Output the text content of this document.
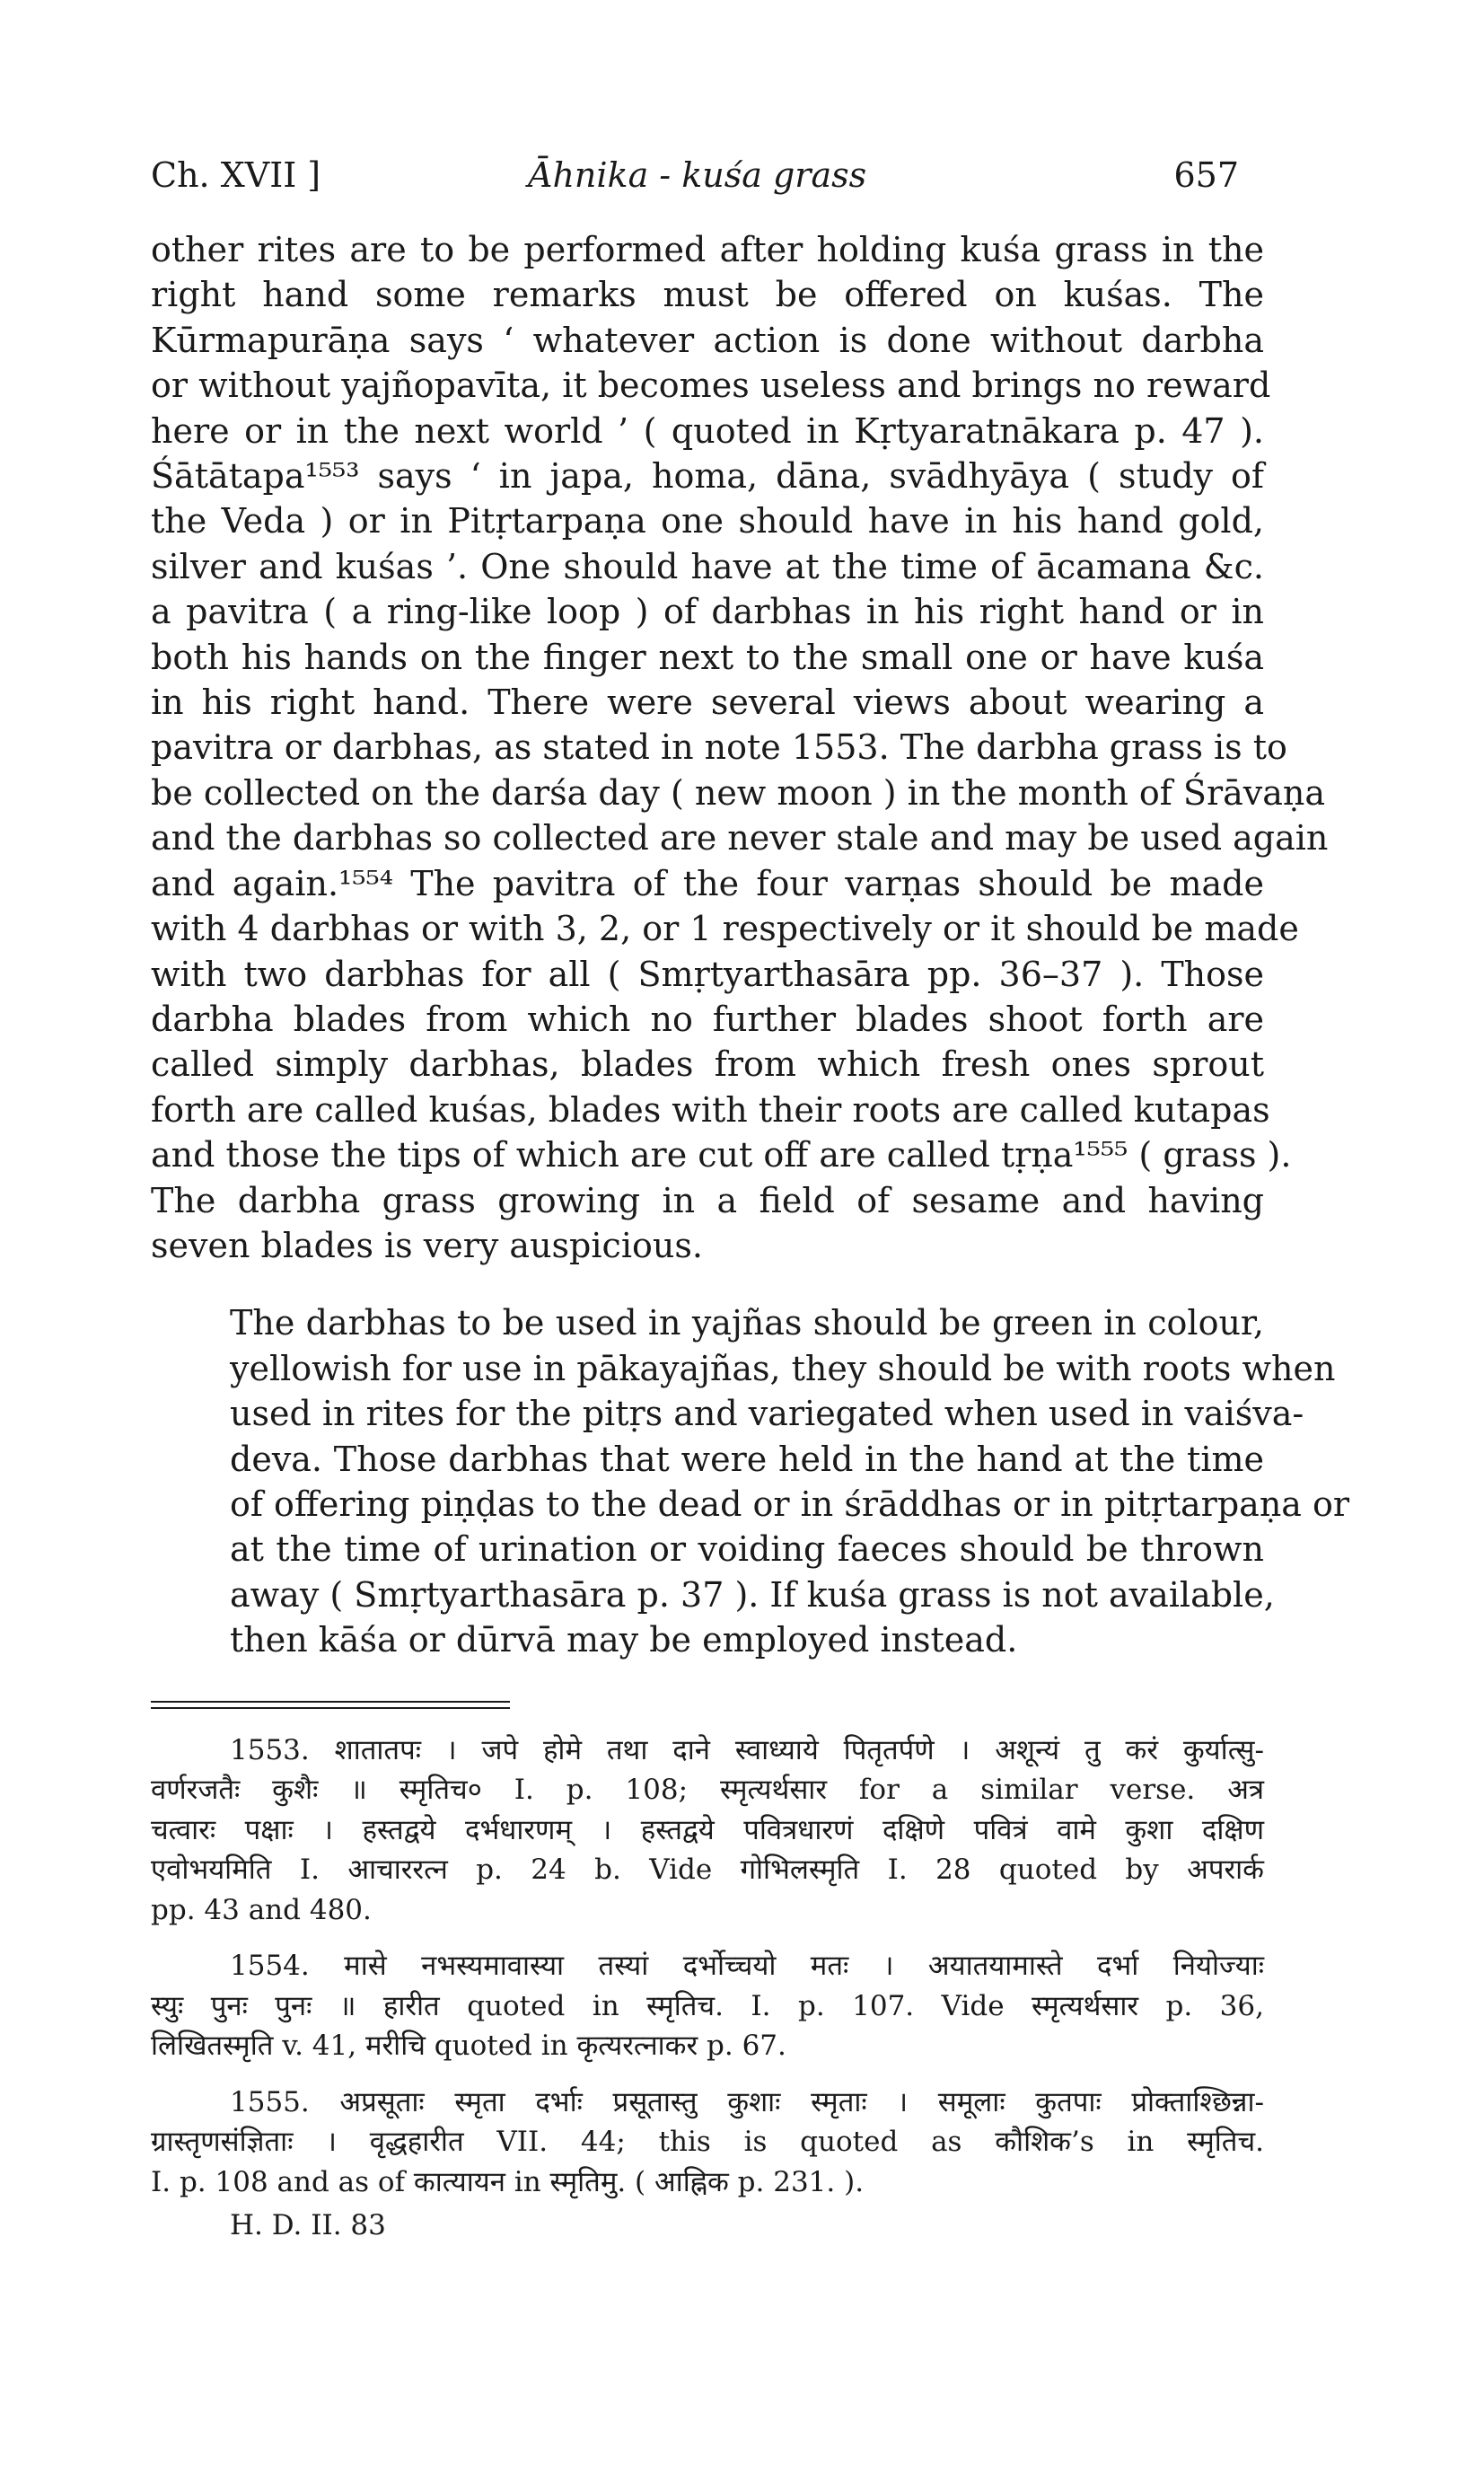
Ch. XVII ]	Āhnika - kuśa grass	657

other rites are to be performed after holding kuśa grass in the
right hand some remarks must be offered on kuśas. The
Kūrmapurāṇa says ‘ whatever action is done without darbha
or without yajñopavīta, it becomes useless and brings no reward
here or in the next world ’ ( quoted in Kṛtyaratnākara p. 47 ).
Śātātapa¹⁵⁵³ says ‘ in japa, homa, dāna, svādhyāya ( study of
the Veda ) or in Pitṛtarpaṇa one should have in his hand gold,
silver and kuśas ’. One should have at the time of ācamana &c.
a pavitra ( a ring-like loop ) of darbhas in his right hand or in
both his hands on the finger next to the small one or have kuśa
in his right hand. There were several views about wearing a
pavitra or darbhas, as stated in note 1553. The darbha grass is to
be collected on the darśa day ( new moon ) in the month of Śrāvaṇa
and the darbhas so collected are never stale and may be used again
and again.¹⁵⁵⁴ The pavitra of the four varṇas should be made
with 4 darbhas or with 3, 2, or 1 respectively or it should be made
with two darbhas for all ( Smṛtyarthasāra pp. 36–37 ). Those
darbha blades from which no further blades shoot forth are
called simply darbhas, blades from which fresh ones sprout
forth are called kuśas, blades with their roots are called kutapas
and those the tips of which are cut off are called tṛṇa¹⁵⁵⁵ ( grass ).
The darbha grass growing in a field of sesame and having
seven blades is very auspicious.

The darbhas to be used in yajñas should be green in colour,
yellowish for use in pākayajñas, they should be with roots when
used in rites for the pitṛs and variegated when used in vaiśva-
deva. Those darbhas that were held in the hand at the time
of offering piṇḍas to the dead or in śrāddhas or in pitṛtarpaṇa or
at the time of urination or voiding faeces should be thrown
away ( Smṛtyarthasāra p. 37 ). If kuśa grass is not available,
then kāśa or dūrvā may be employed instead.

1553. शातातपः । जपे होमे तथा दाने स्वाध्याये पितृतर्पणे । अशून्यं तु करं कुर्यात्सु-
वर्णरजतैः कुशैः ॥ स्मृतिच० I. p. 108; स्मृत्यर्थसार for a similar verse. अत्र
चत्वारः पक्षाः । हस्तद्वये दर्भधारणम् । हस्तद्वये पवित्रधारणं दक्षिणे पवित्रं वामे कुशा दक्षिण
एवोभयमिति I. आचाररत्न p. 24 b. Vide गोभिलस्मृति I. 28 quoted by अपरार्क
pp. 43 and 480.

1554. मासे नभस्यमावास्या तस्यां दर्भोच्चयो मतः । अयातयामास्ते दर्भा नियोज्याः
स्युः पुनः पुनः ॥ हारीत quoted in स्मृतिच. I. p. 107. Vide स्मृत्यर्थसार p. 36,
लिखितस्मृति v. 41, मरीचि quoted in कृत्यरत्नाकर p. 67.

1555. अप्रसूताः स्मृता दर्भाः प्रसूतास्तु कुशाः स्मृताः । समूलाः कुतपाः प्रोक्ताश्छिन्ना-
ग्रास्तृणसंज्ञिताः । वृद्धहारीत VII. 44; this is quoted as कौशिक’s in स्मृतिच.
I. p. 108 and as of कात्यायन in स्मृतिमु. ( आह्निक p. 231. ).

H. D. II. 83
